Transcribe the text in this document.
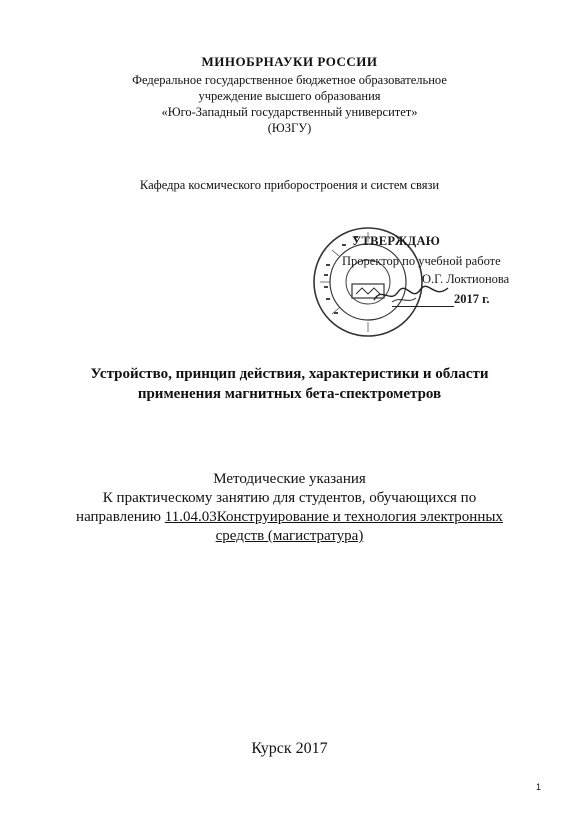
МИНОБРНАУКИ РОССИИ
Федеральное государственное бюджетное образовательное
учреждение высшего образования
«Юго-Западный государственный университет»
(ЮЗГУ)
Кафедра космического приборостроения и систем связи
УТВЕРЖДАЮ
Проректор по учебной работе
О.Г. Локтионова
2017 г.
Устройство, принцип действия, характеристики и области
применения магнитных бета-спектрометров
Методические указания
К практическому занятию для студентов, обучающихся по
направлению 11.04.03Конструирование и технология электронных
средств (магистратура)
Курск 2017
1
